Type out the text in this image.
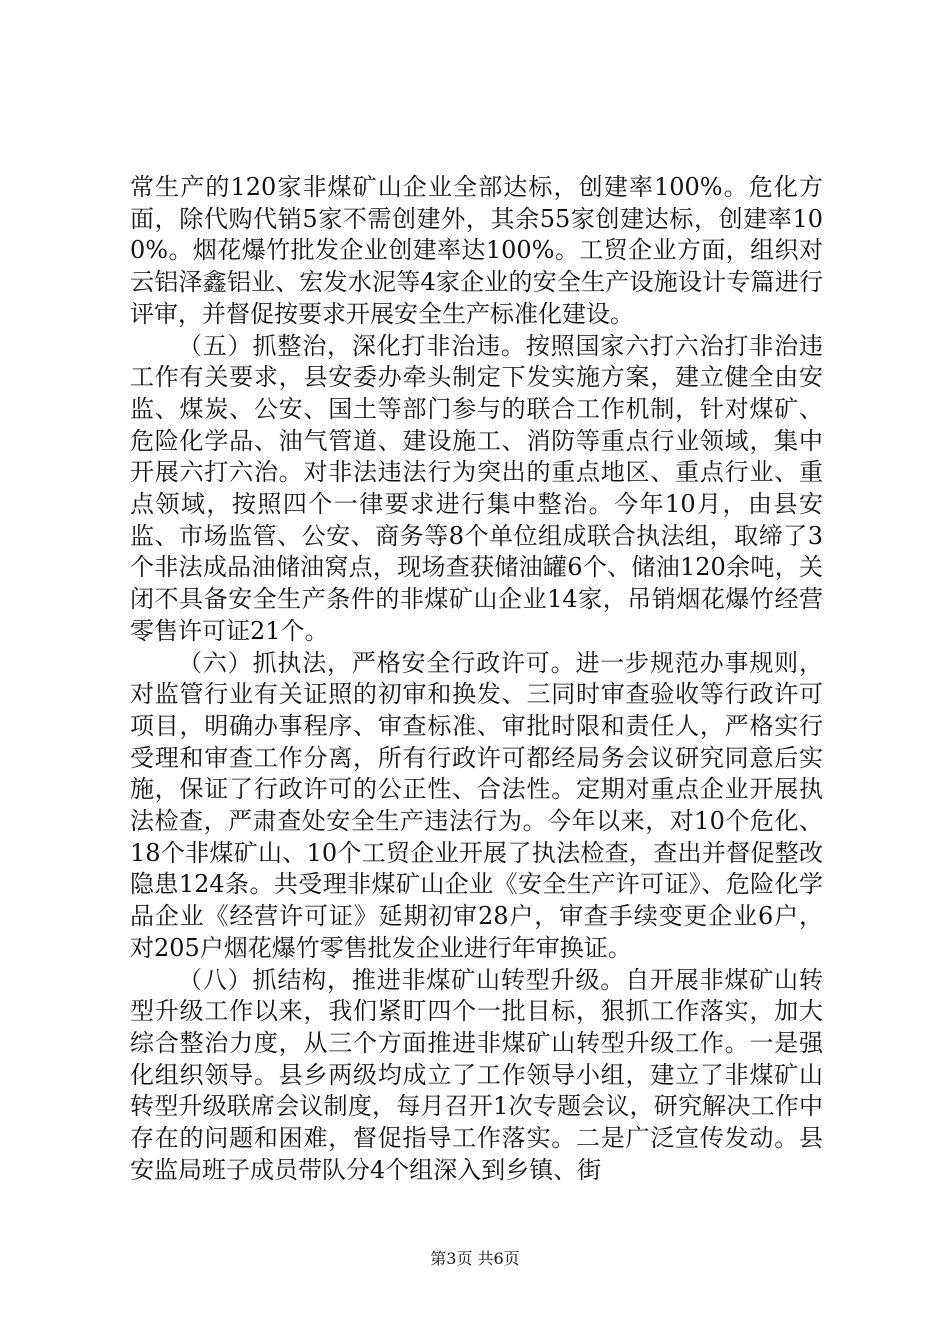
常生产的120家非煤矿山企业全部达标，创建率100%。危化方面，除代购代销5家不需创建外，其余55家创建达标，创建率100%。烟花爆竹批发企业创建率达100%。工贸企业方面，组织对云铝泽鑫铝业、宏发水泥等4家企业的安全生产设施设计专篇进行评审，并督促按要求开展安全生产标准化建设。

（五）抓整治，深化打非治违。按照国家六打六治打非治违工作有关要求，县安委办牵头制定下发实施方案，建立健全由安监、煤炭、公安、国土等部门参与的联合工作机制，针对煤矿、危险化学品、油气管道、建设施工、消防等重点行业领域，集中开展六打六治。对非法违法行为突出的重点地区、重点行业、重点领域，按照四个一律要求进行集中整治。今年10月，由县安监、市场监管、公安、商务等8个单位组成联合执法组，取缔了3个非法成品油储油窝点，现场查获储油罐6个、储油120余吨，关闭不具备安全生产条件的非煤矿山企业14家，吊销烟花爆竹经营零售许可证21个。

（六）抓执法，严格安全行政许可。进一步规范办事规则，对监管行业有关证照的初审和换发、三同时审查验收等行政许可项目，明确办事程序、审查标准、审批时限和责任人，严格实行受理和审查工作分离，所有行政许可都经局务会议研究同意后实施，保证了行政许可的公正性、合法性。定期对重点企业开展执法检查，严肃查处安全生产违法行为。今年以来，对10个危化、18个非煤矿山、10个工贸企业开展了执法检查，查出并督促整改隐患124条。共受理非煤矿山企业《安全生产许可证》、危险化学品企业《经营许可证》延期初审28户，审查手续变更企业6户，对205户烟花爆竹零售批发企业进行年审换证。

（八）抓结构，推进非煤矿山转型升级。自开展非煤矿山转型升级工作以来，我们紧盯四个一批目标，狠抓工作落实，加大综合整治力度，从三个方面推进非煤矿山转型升级工作。一是强化组织领导。县乡两级均成立了工作领导小组，建立了非煤矿山转型升级联席会议制度，每月召开1次专题会议，研究解决工作中存在的问题和困难，督促指导工作落实。二是广泛宣传发动。县安监局班子成员带队分4个组深入到乡镇、街

第3页 共6页
